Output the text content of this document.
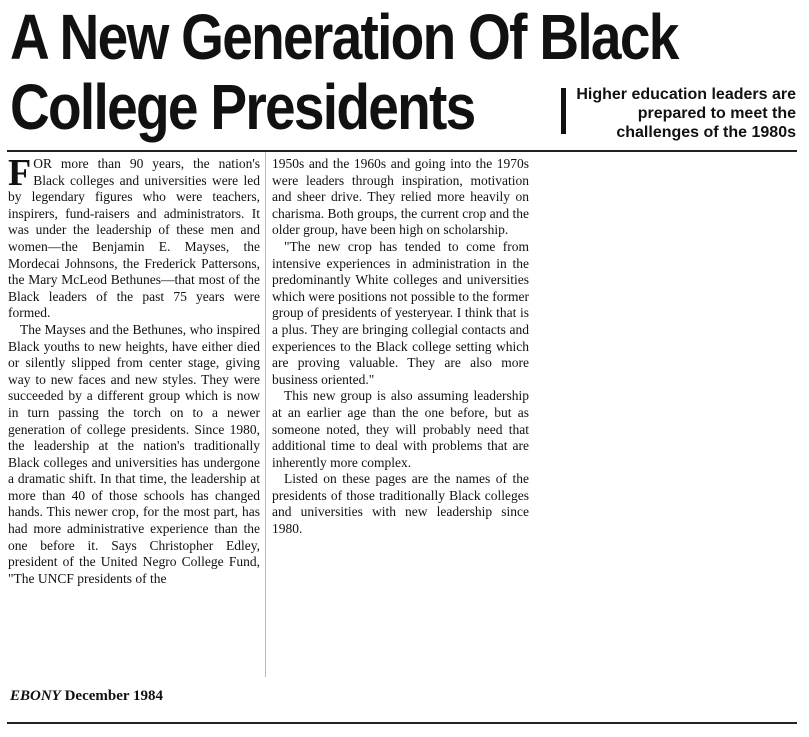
A New Generation Of Black
College Presidents	Higher education leaders are prepared to meet the challenges of the 1980s

FOR more than 90 years, the nation's Black colleges and universities were led by legendary figures who were teachers, inspirers, fund-raisers and administrators. It was under the leadership of these men and women—the Benjamin E. Mayses, the Mordecai Johnsons, the Frederick Pattersons, the Mary McLeod Bethunes—that most of the Black leaders of the past 75 years were formed.

The Mayses and the Bethunes, who inspired Black youths to new heights, have either died or silently slipped from center stage, giving way to new faces and new styles. They were succeeded by a different group which is now in turn passing the torch on to a newer generation of college presidents. Since 1980, the leadership at the nation's traditionally Black colleges and universities has undergone a dramatic shift. In that time, the leadership at more than 40 of those schools has changed hands. This newer crop, for the most part, has had more administrative experience than the one before it. Says Christopher Edley, president of the United Negro College Fund, "The UNCF presidents of the

1950s and the 1960s and going into the 1970s were leaders through inspiration, motivation and sheer drive. They relied more heavily on charisma. Both groups, the current crop and the older group, have been high on scholarship.

"The new crop has tended to come from intensive experiences in administration in the predominantly White colleges and universities which were positions not possible to the former group of presidents of yesteryear. I think that is a plus. They are bringing collegial contacts and experiences to the Black college setting which are proving valuable. They are also more business oriented."

This new group is also assuming leadership at an earlier age than the one before, but as someone noted, they will probably need that additional time to deal with problems that are inherently more complex.

Listed on these pages are the names of the presidents of those traditionally Black colleges and universities with new leadership since 1980.

EBONY December 1984
